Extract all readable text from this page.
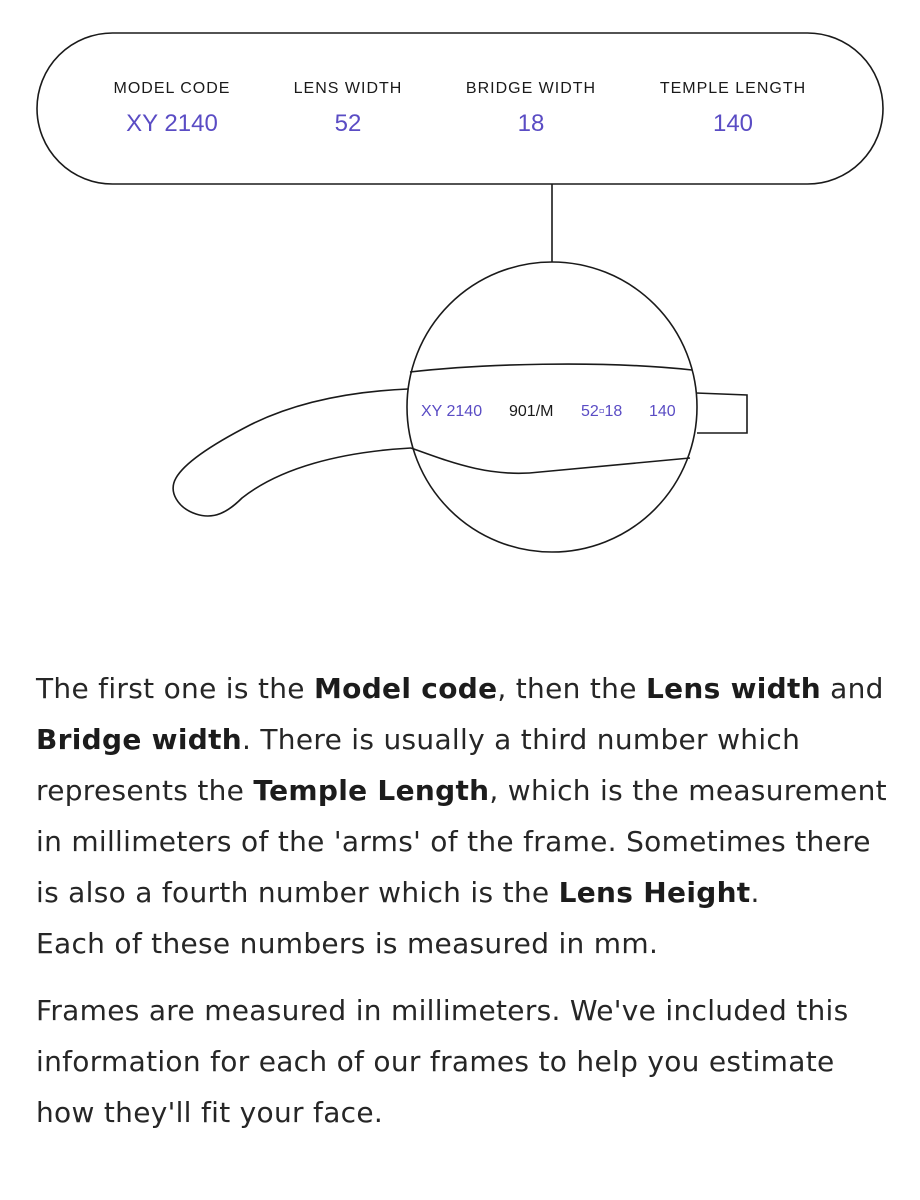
MODEL CODE
XY 2140
LENS WIDTH
52
BRIDGE WIDTH
18
TEMPLE LENGTH
140
XY 2140 901/M 52▫18 140

The first one is the Model code, then the Lens width and Bridge width. There is usually a third number which represents the Temple Length, which is the measurement in millimeters of the 'arms' of the frame. Sometimes there is also a fourth number which is the Lens Height.

Each of these numbers is measured in mm.

Frames are measured in millimeters. We've included this information for each of our frames to help you estimate how they'll fit your face.
